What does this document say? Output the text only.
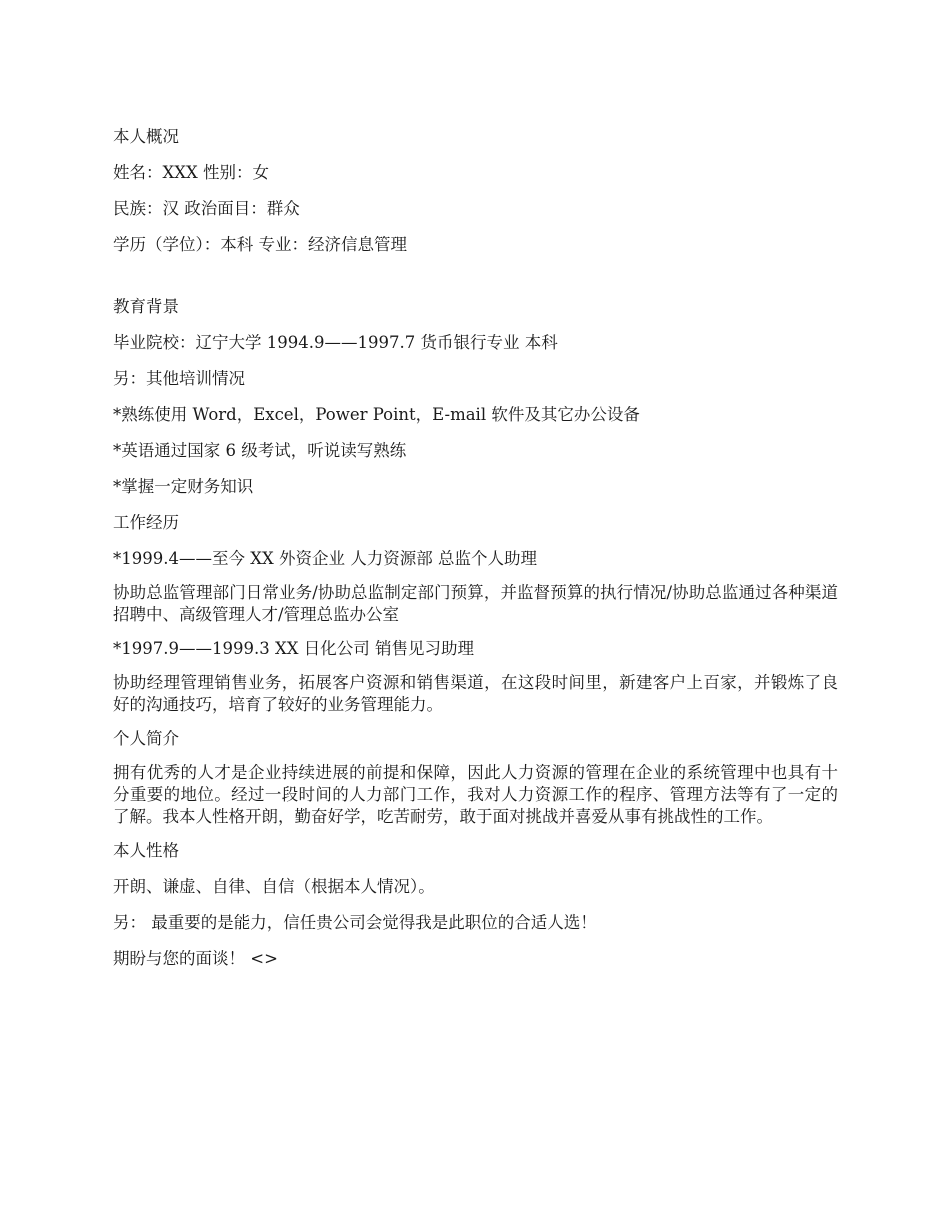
本人概况
姓名：XXX 性别：女
民族：汉 政治面目：群众
学历（学位）：本科 专业：经济信息管理
教育背景
毕业院校：辽宁大学 1994.9——1997.7 货币银行专业 本科
另：其他培训情况
*熟练使用 Word，Excel，Power Point，E-mail 软件及其它办公设备
*英语通过国家 6 级考试，听说读写熟练
*掌握一定财务知识
工作经历
*1999.4——至今 XX 外资企业 人力资源部 总监个人助理
协助总监管理部门日常业务/协助总监制定部门预算，并监督预算的执行情况/协助总监通过各种渠道招聘中、高级管理人才/管理总监办公室
*1997.9——1999.3 XX 日化公司 销售见习助理
协助经理管理销售业务，拓展客户资源和销售渠道，在这段时间里，新建客户上百家，并锻炼了良好的沟通技巧，培育了较好的业务管理能力。
个人简介
拥有优秀的人才是企业持续进展的前提和保障，因此人力资源的管理在企业的系统管理中也具有十分重要的地位。经过一段时间的人力部门工作，我对人力资源工作的程序、管理方法等有了一定的了解。我本人性格开朗，勤奋好学，吃苦耐劳，敢于面对挑战并喜爱从事有挑战性的工作。
本人性格
开朗、谦虚、自律、自信（根据本人情况）。
另： 最重要的是能力，信任贵公司会觉得我是此职位的合适人选！
期盼与您的面谈！ <>
